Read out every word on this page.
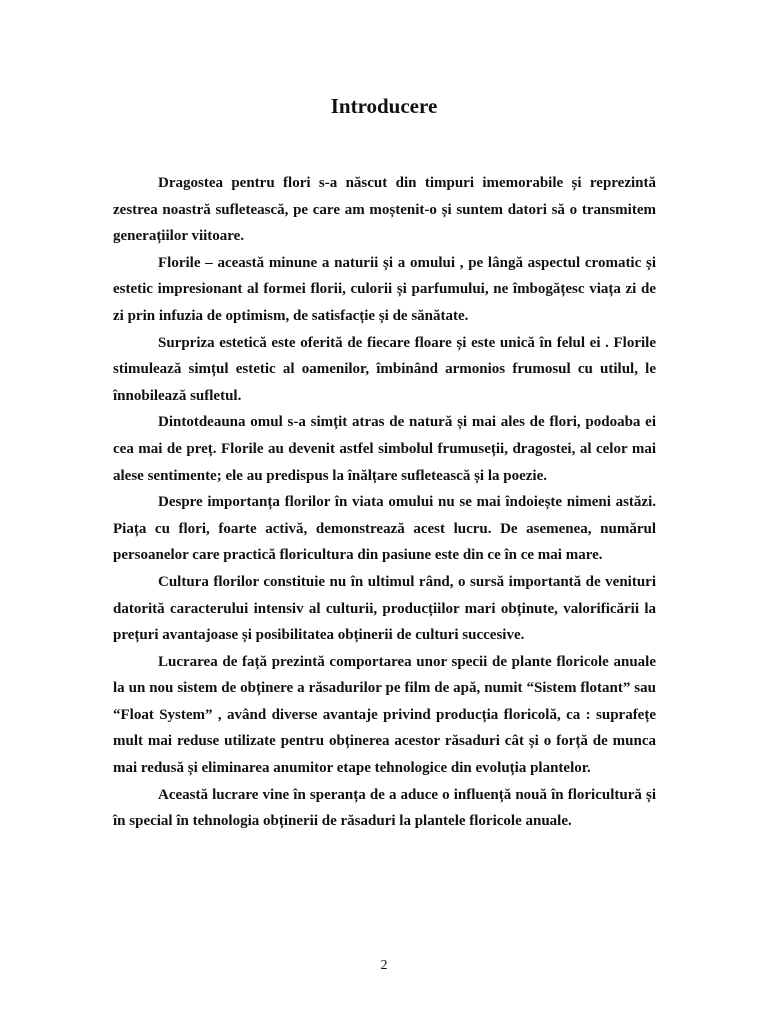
Introducere

Dragostea pentru flori s-a născut din timpuri imemorabile și reprezintă zestrea noastră sufletească, pe care am moștenit-o și suntem datori să o transmitem generațiilor viitoare.

Florile – această minune a naturii și a omului , pe lângă aspectul cromatic și estetic impresionant al formei florii, culorii și parfumului, ne îmbogățesc viața zi de zi prin infuzia de optimism, de satisfacție și de sănătate.

Surpriza estetică este oferită de fiecare floare și este unică în felul ei . Florile stimulează simțul estetic al oamenilor, îmbinând armonios frumosul cu utilul, le înnobilează sufletul.

Dintotdeauna omul s-a simțit atras de natură și mai ales de flori, podoaba ei cea mai de preț. Florile au devenit astfel simbolul frumuseții, dragostei, al celor mai alese sentimente; ele au predispus la înălțare sufletească și la poezie.

Despre importanța florilor în viata omului nu se mai îndoiește nimeni astăzi. Piața cu flori, foarte activă, demonstrează acest lucru. De asemenea, numărul persoanelor care practică floricultura din pasiune este din ce în ce mai mare.

Cultura florilor constituie nu în ultimul rând, o sursă importantă de venituri datorită caracterului intensiv al culturii, producțiilor mari obținute, valorificării la prețuri avantajoase și posibilitatea obținerii de culturi succesive.

Lucrarea de față prezintă comportarea unor specii de plante floricole anuale la un nou sistem de obținere a răsadurilor pe film de apă, numit “Sistem flotant” sau “Float System” , având diverse avantaje privind producția floricolă, ca : suprafețe mult mai reduse utilizate pentru obținerea acestor răsaduri cât și o forță de munca mai redusă și eliminarea anumitor etape tehnologice din evoluția plantelor.

Această lucrare vine în speranța de a aduce o influență nouă în floricultură și în special în tehnologia obținerii de răsaduri la plantele floricole anuale.

2
